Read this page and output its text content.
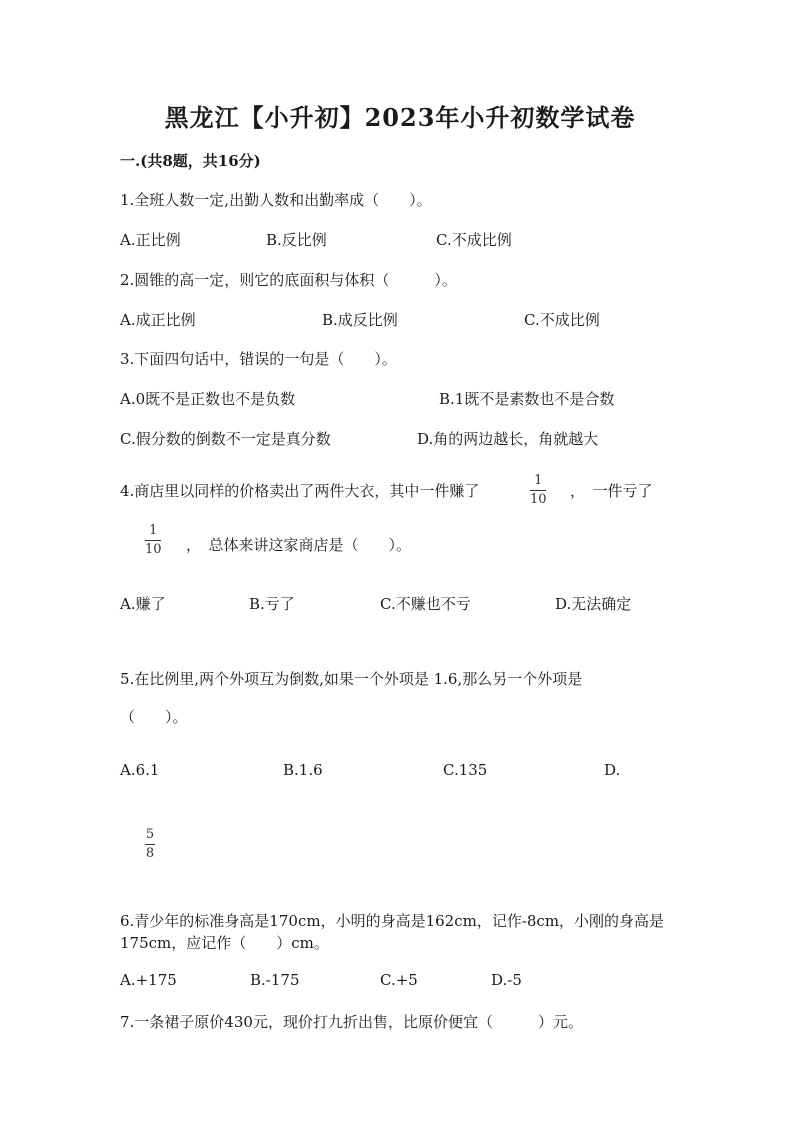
黑龙江【小升初】2023年小升初数学试卷
一.(共8题，共16分)
1.全班人数一定,出勤人数和出勤率成（　　）。
A.正比例	B.反比例	C.不成比例
2.圆锥的高一定，则它的底面积与体积（　　　）。
A.成正比例	B.成反比例	C.不成比例
3.下面四句话中，错误的一句是（　　）。
A.0既不是正数也不是负数	B.1既不是素数也不是合数
C.假分数的倒数不一定是真分数	D.角的两边越长，角就越大
4.商店里以同样的价格卖出了两件大衣，其中一件赚了
1
10 ，　一件亏了
1
10 ，　总体来讲这家商店是（　　）。
A.赚了	B.亏了	C.不赚也不亏	D.无法确定
5.在比例里,两个外项互为倒数,如果一个外项是 1.6,那么另一个外项是
（　　）。
A.6.1	B.1.6	C.135	D.
5
8
6.青少年的标准身高是170cm，小明的身高是162cm，记作-8cm，小刚的身高是
175cm，应记作（　　）cm。
A.+175	B.-175	C.+5	D.-5
7.一条裙子原价430元，现价打九折出售，比原价便宜（　　　）元。
